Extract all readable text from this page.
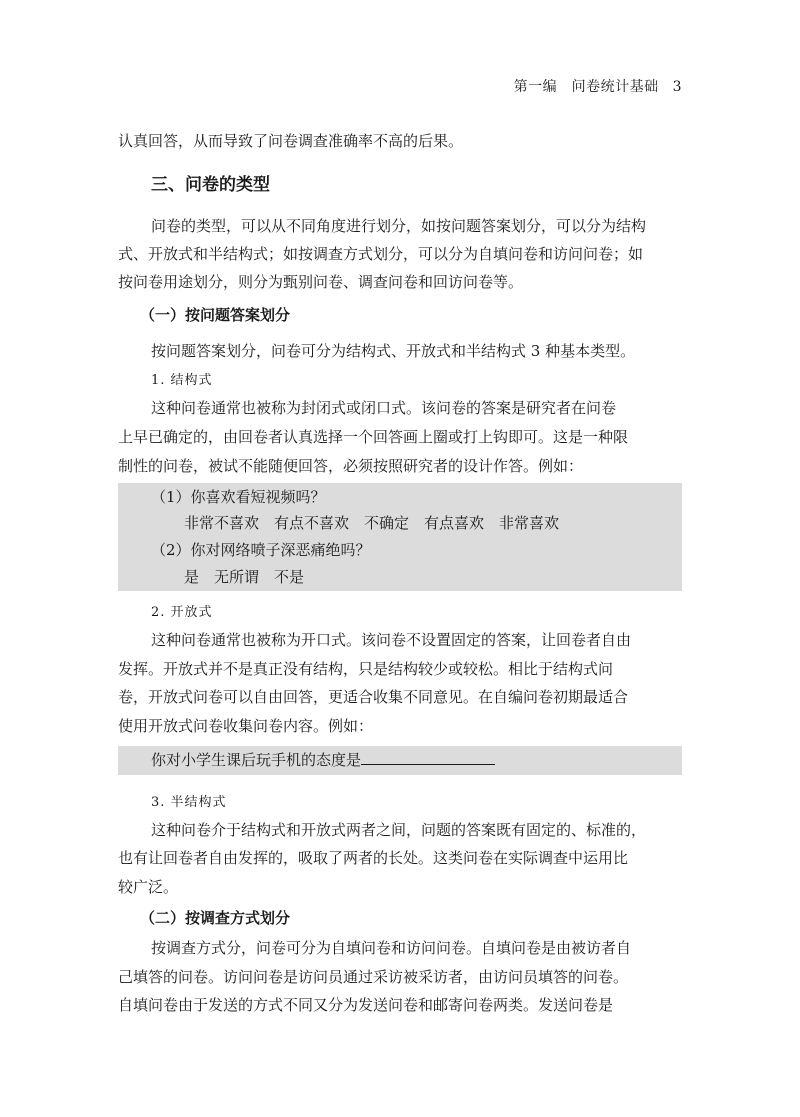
第一编　问卷统计基础 3
认真回答，从而导致了问卷调查准确率不高的后果。
三、问卷的类型
问卷的类型，可以从不同角度进行划分，如按问题答案划分，可以分为结构
式、开放式和半结构式；如按调查方式划分，可以分为自填问卷和访问问卷；如
按问卷用途划分，则分为甄别问卷、调查问卷和回访问卷等。
（一）按问题答案划分
按问题答案划分，问卷可分为结构式、开放式和半结构式 3 种基本类型。
1. 结构式
这种问卷通常也被称为封闭式或闭口式。该问卷的答案是研究者在问卷
上早已确定的，由回卷者认真选择一个回答画上圈或打上钩即可。这是一种限
制性的问卷，被试不能随便回答，必须按照研究者的设计作答。例如：
（1）你喜欢看短视频吗？
非常不喜欢　有点不喜欢　不确定　有点喜欢　非常喜欢
（2）你对网络喷子深恶痛绝吗？
是　无所谓　不是
2. 开放式
这种问卷通常也被称为开口式。该问卷不设置固定的答案，让回卷者自由
发挥。开放式并不是真正没有结构，只是结构较少或较松。相比于结构式问
卷，开放式问卷可以自由回答，更适合收集不同意见。在自编问卷初期最适合
使用开放式问卷收集问卷内容。例如：
你对小学生课后玩手机的态度是
3. 半结构式
这种问卷介于结构式和开放式两者之间，问题的答案既有固定的、标准的，
也有让回卷者自由发挥的，吸取了两者的长处。这类问卷在实际调查中运用比
较广泛。
（二）按调查方式划分
按调查方式分，问卷可分为自填问卷和访问问卷。自填问卷是由被访者自
己填答的问卷。访问问卷是访问员通过采访被采访者，由访问员填答的问卷。
自填问卷由于发送的方式不同又分为发送问卷和邮寄问卷两类。发送问卷是
